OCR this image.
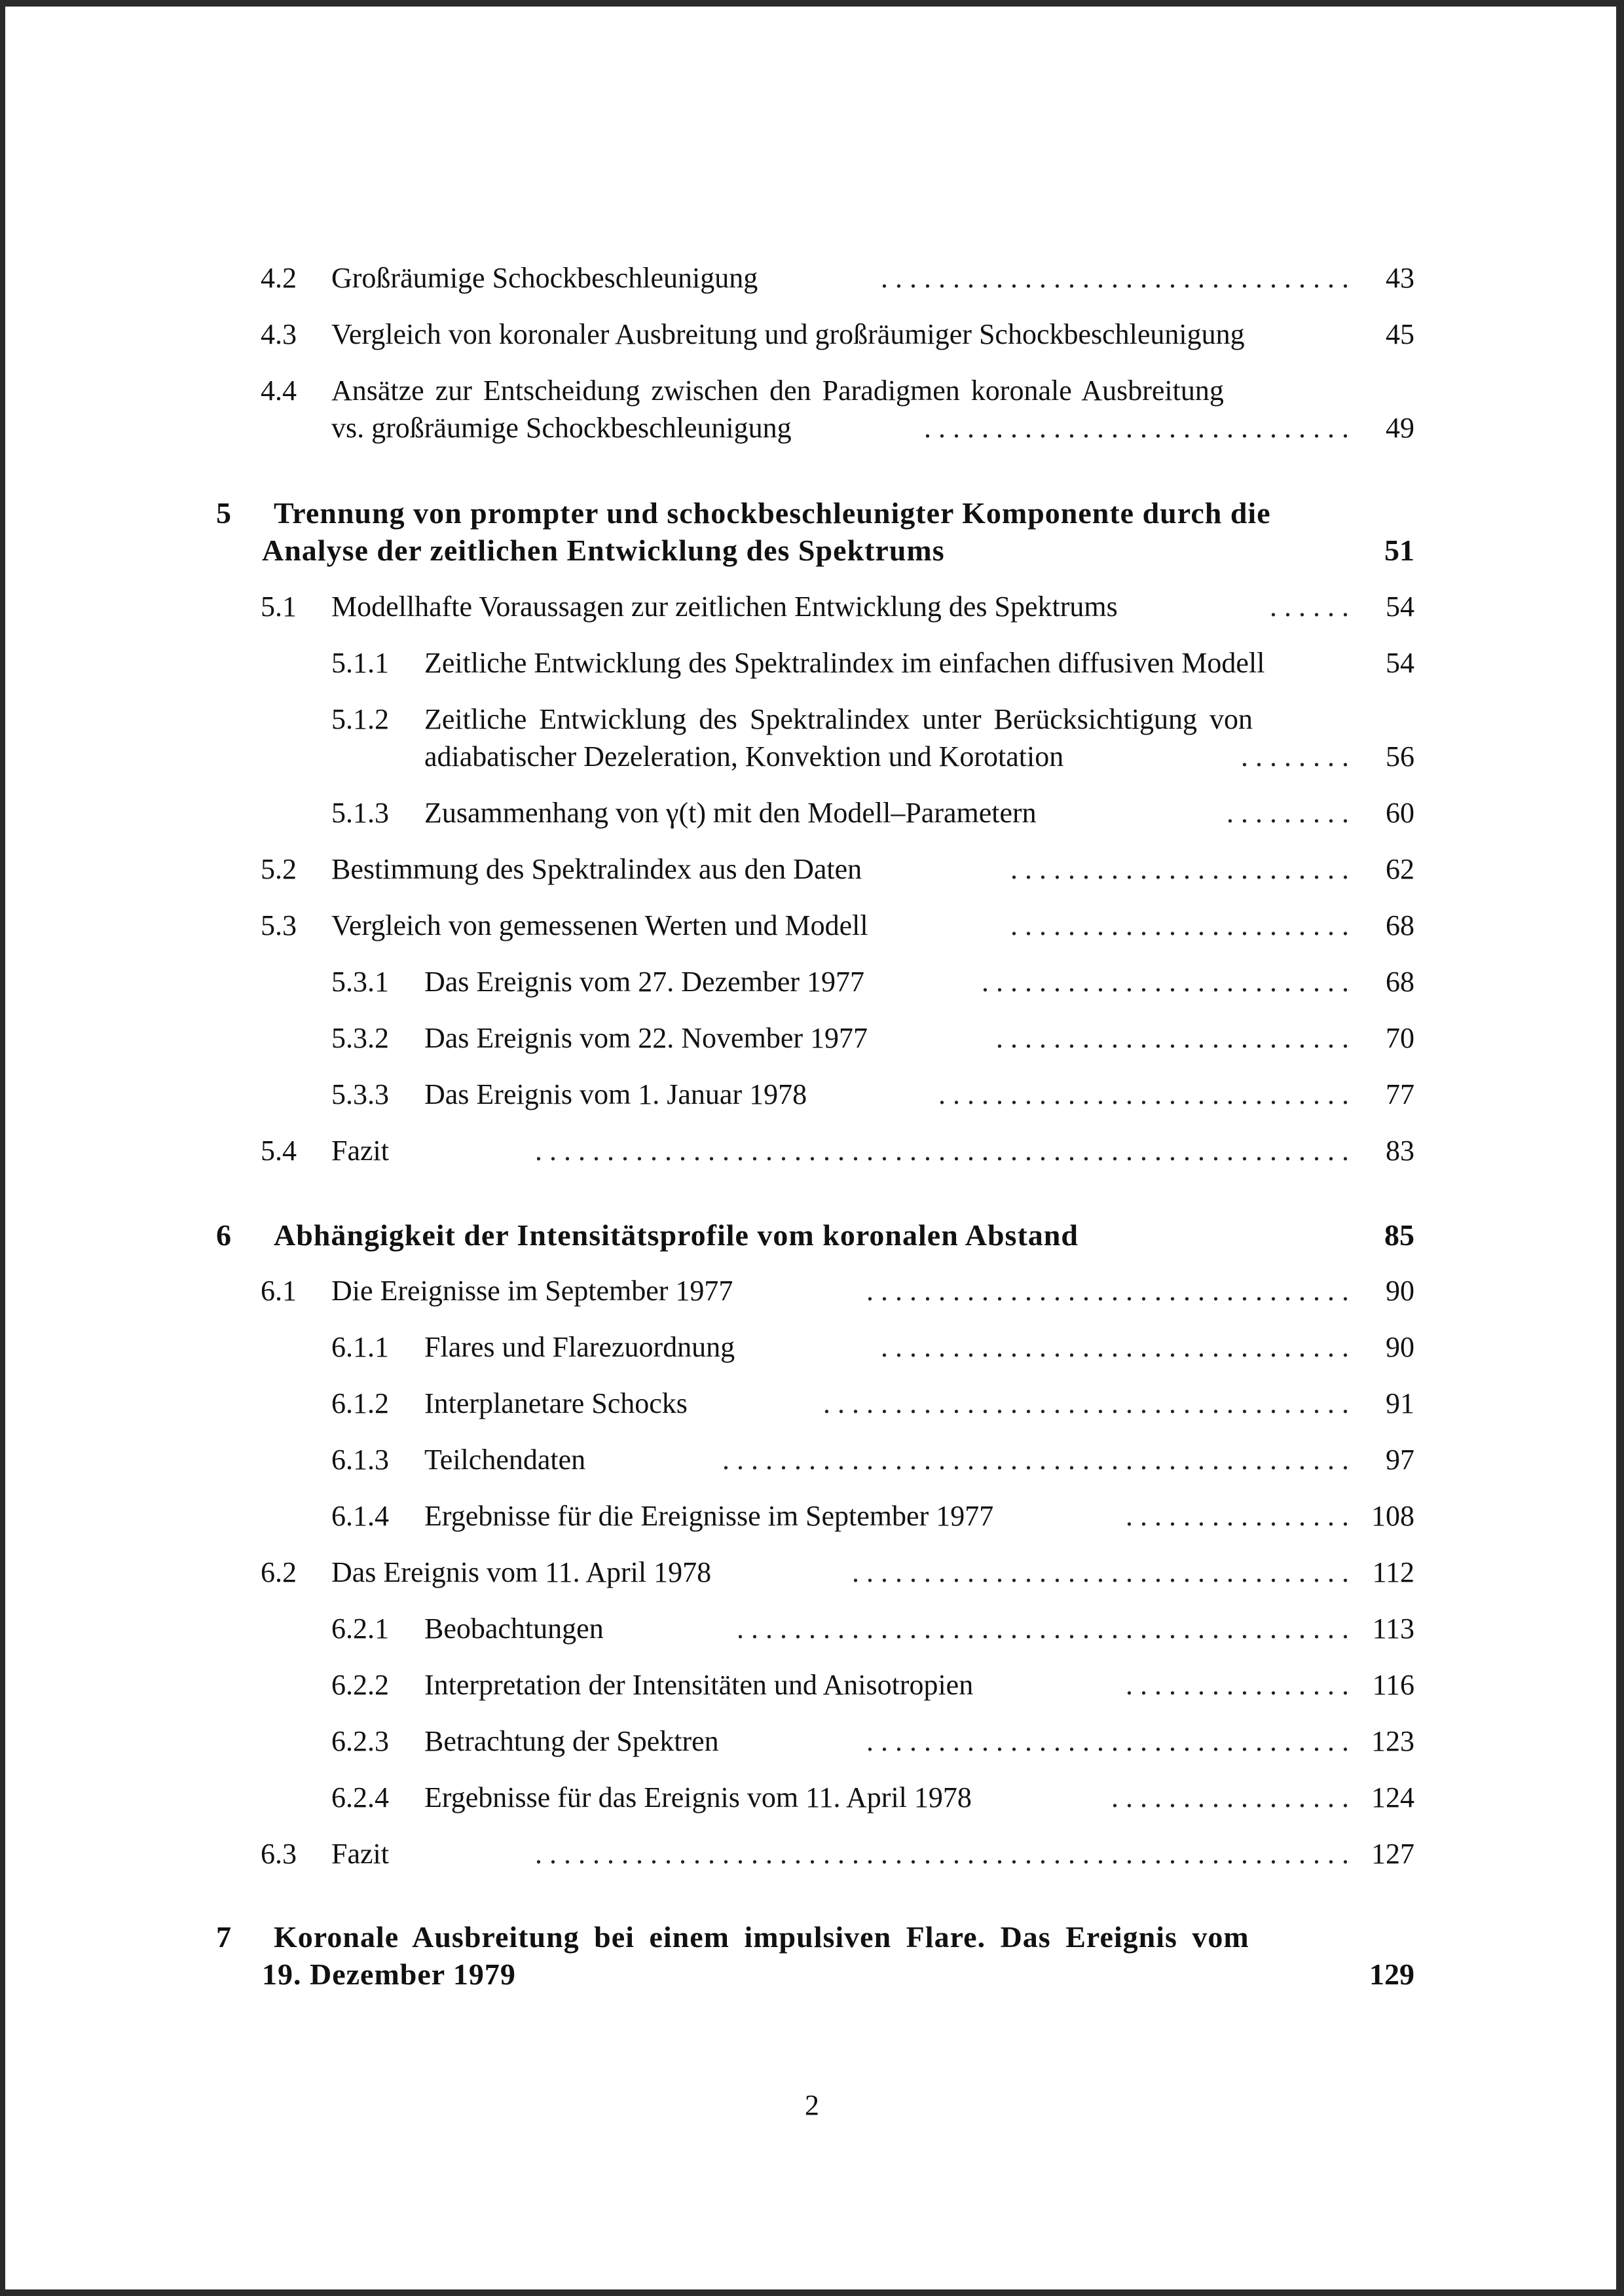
4.2 Großräumige Schockbeschleunigung	. . . . . . . . . . . . . . . . . . . . . . . . . . . . . . . . . 43
4.3 Vergleich von koronaler Ausbreitung und großräumiger Schockbeschleunigung	45
4.4 Ansätze zur Entscheidung zwischen den Paradigmen koronale Ausbreitung
vs. großräumige Schockbeschleunigung	. . . . . . . . . . . . . . . . . . . . . . . . . . . . . . 49
5 Trennung von prompter und schockbeschleunigter Komponente durch die
Analyse der zeitlichen Entwicklung des Spektrums	51
5.1 Modellhafte Voraussagen zur zeitlichen Entwicklung des Spektrums	. . . . . . 54
5.1.1 Zeitliche Entwicklung des Spektralindex im einfachen diffusiven Modell	54
5.1.2 Zeitliche Entwicklung des Spektralindex unter Berücksichtigung von
adiabatischer Dezeleration, Konvektion und Korotation	. . . . . . . . 56
5.1.3 Zusammenhang von γ(t) mit den Modell–Parametern	. . . . . . . . . 60
5.2 Bestimmung des Spektralindex aus den Daten	. . . . . . . . . . . . . . . . . . . . . . . . 62
5.3 Vergleich von gemessenen Werten und Modell	. . . . . . . . . . . . . . . . . . . . . . . . 68
5.3.1 Das Ereignis vom 27. Dezember 1977	. . . . . . . . . . . . . . . . . . . . . . . . . . 68
5.3.2 Das Ereignis vom 22. November 1977	. . . . . . . . . . . . . . . . . . . . . . . . . 70
5.3.3 Das Ereignis vom 1. Januar 1978	. . . . . . . . . . . . . . . . . . . . . . . . . . . . . 77
5.4 Fazit	. . . . . . . . . . . . . . . . . . . . . . . . . . . . . . . . . . . . . . . . . . . . . . . . . . . . . . . . . 83
6 Abhängigkeit der Intensitätsprofile vom koronalen Abstand	85
6.1 Die Ereignisse im September 1977	. . . . . . . . . . . . . . . . . . . . . . . . . . . . . . . . . . 90
6.1.1 Flares und Flarezuordnung	. . . . . . . . . . . . . . . . . . . . . . . . . . . . . . . . . 90
6.1.2 Interplanetare Schocks	. . . . . . . . . . . . . . . . . . . . . . . . . . . . . . . . . . . . . 91
6.1.3 Teilchendaten	. . . . . . . . . . . . . . . . . . . . . . . . . . . . . . . . . . . . . . . . . . . . 97
6.1.4 Ergebnisse für die Ereignisse im September 1977	. . . . . . . . . . . . . . . . 108
6.2 Das Ereignis vom 11. April 1978	. . . . . . . . . . . . . . . . . . . . . . . . . . . . . . . . . . . 112
6.2.1 Beobachtungen	. . . . . . . . . . . . . . . . . . . . . . . . . . . . . . . . . . . . . . . . . . . 113
6.2.2 Interpretation der Intensitäten und Anisotropien	. . . . . . . . . . . . . . . . 116
6.2.3 Betrachtung der Spektren	. . . . . . . . . . . . . . . . . . . . . . . . . . . . . . . . . . 123
6.2.4 Ergebnisse für das Ereignis vom 11. April 1978	. . . . . . . . . . . . . . . . . 124
6.3 Fazit	. . . . . . . . . . . . . . . . . . . . . . . . . . . . . . . . . . . . . . . . . . . . . . . . . . . . . . . . . 127
7 Koronale Ausbreitung bei einem impulsiven Flare. Das Ereignis vom
19. Dezember 1979	129
2
